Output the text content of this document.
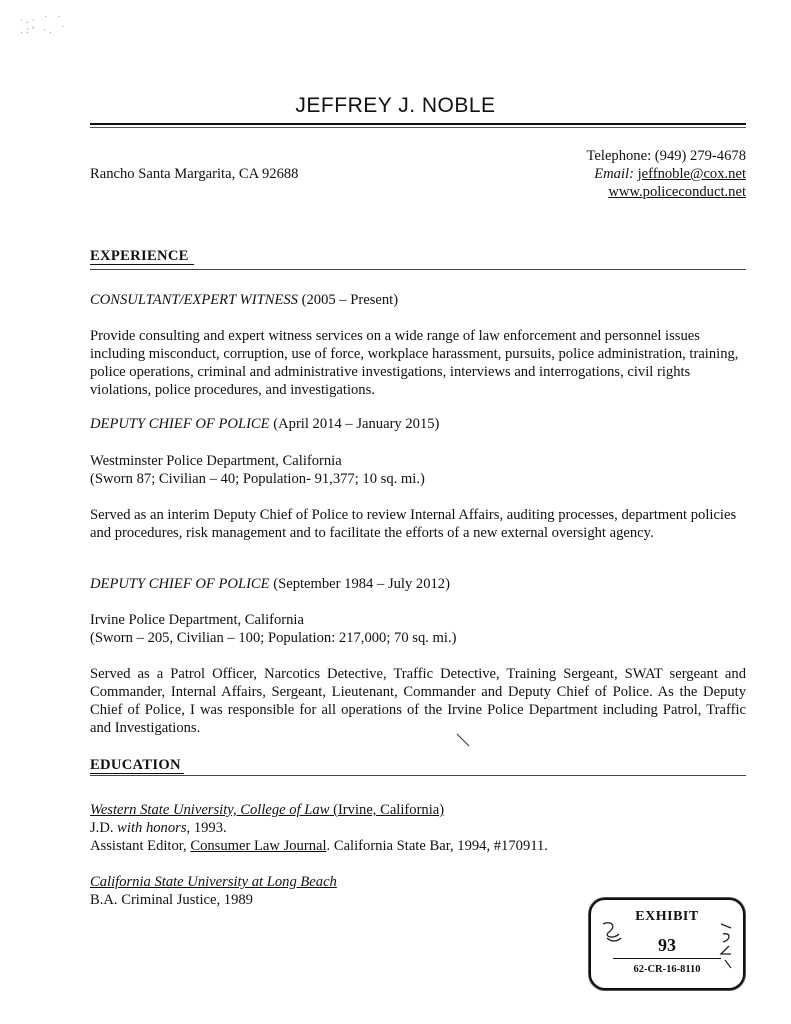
·.· ˙ ˙
.:' ·. ˙
JEFFREY J. NOBLE
Rancho Santa Margarita, CA 92688
Telephone: (949) 279-4678
Email: jeffnoble@cox.net
www.policeconduct.net
EXPERIENCE
CONSULTANT/EXPERT WITNESS (2005 – Present)
Provide consulting and expert witness services on a wide range of law enforcement and personnel issues including misconduct, corruption, use of force, workplace harassment, pursuits, police administration, training, police operations, criminal and administrative investigations, interviews and interrogations, civil rights violations, police procedures, and investigations.
DEPUTY CHIEF OF POLICE (April 2014 – January 2015)
Westminster Police Department, California
(Sworn 87; Civilian – 40; Population- 91,377; 10 sq. mi.)
Served as an interim Deputy Chief of Police to review Internal Affairs, auditing processes, department policies and procedures, risk management and to facilitate the efforts of a new external oversight agency.
DEPUTY CHIEF OF POLICE (September 1984 – July 2012)
Irvine Police Department, California
(Sworn – 205, Civilian – 100; Population: 217,000; 70 sq. mi.)
Served as a Patrol Officer, Narcotics Detective, Traffic Detective, Training Sergeant, SWAT sergeant and Commander, Internal Affairs, Sergeant, Lieutenant, Commander and Deputy Chief of Police. As the Deputy Chief of Police, I was responsible for all operations of the Irvine Police Department including Patrol, Traffic and Investigations.
EDUCATION
Western State University, College of Law (Irvine, California)
J.D. with honors, 1993.
Assistant Editor, Consumer Law Journal. California State Bar, 1994, #170911.
California State University at Long Beach
B.A. Criminal Justice, 1989
EXHIBIT
93
62-CR-16-8110
